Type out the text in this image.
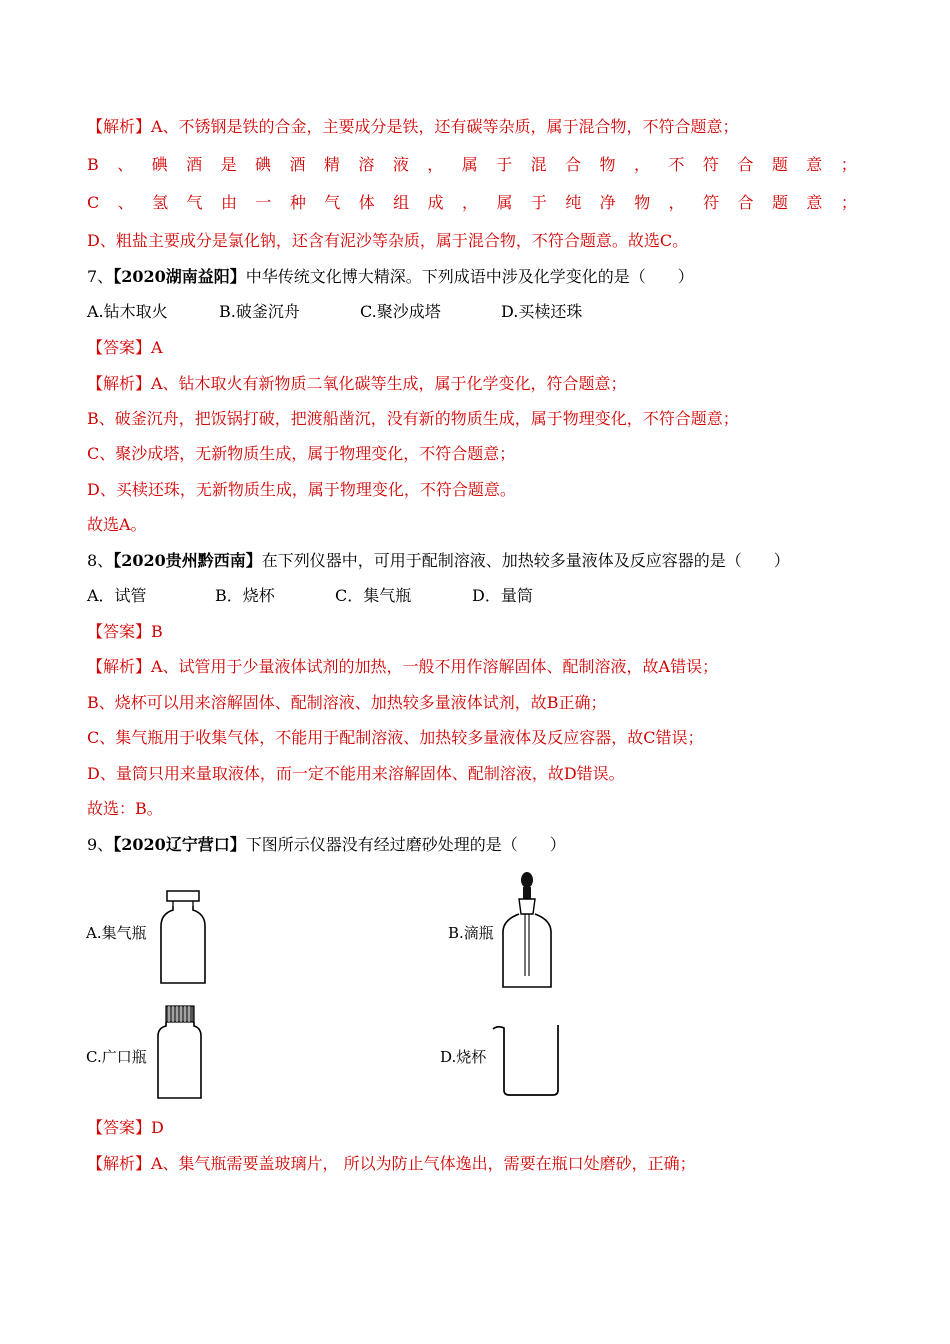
【解析】A、不锈钢是铁的合金，主要成分是铁，还有碳等杂质，属于混合物，不符合题意；
B 、 碘 酒 是 碘 酒 精 溶 液 ， 属 于 混 合 物 ， 不 符 合 题 意 ；
C 、 氢 气 由 一 种 气 体 组 成 ， 属 于 纯 净 物 ， 符 合 题 意 ；
D、粗盐主要成分是氯化钠，还含有泥沙等杂质，属于混合物，不符合题意。故选C。
7、【2020湖南益阳】中华传统文化博大精深。下列成语中涉及化学变化的是（　　）
A.钻木取火	B.破釜沉舟	C.聚沙成塔	D.买椟还珠
【答案】A
【解析】A、钻木取火有新物质二氧化碳等生成，属于化学变化，符合题意；
B、破釜沉舟，把饭锅打破，把渡船凿沉，没有新的物质生成，属于物理变化，不符合题意；
C、聚沙成塔，无新物质生成，属于物理变化，不符合题意；
D、买椟还珠，无新物质生成，属于物理变化，不符合题意。
故选A。
8、【2020贵州黔西南】在下列仪器中，可用于配制溶液、加热较多量液体及反应容器的是（　　）
A．试管	B．烧杯	C．集气瓶	D．量筒
【答案】B
【解析】A、试管用于少量液体试剂的加热，一般不用作溶解固体、配制溶液，故A错误；
B、烧杯可以用来溶解固体、配制溶液、加热较多量液体试剂，故B正确；
C、集气瓶用于收集气体，不能用于配制溶液、加热较多量液体及反应容器，故C错误；
D、量筒只用来量取液体，而一定不能用来溶解固体、配制溶液，故D错误。
故选：B。
9、【2020辽宁营口】下图所示仪器没有经过磨砂处理的是（　　）
A.集气瓶	B.滴瓶
C.广口瓶	D.烧杯
【答案】D
【解析】A、集气瓶需要盖玻璃片， 所以为防止气体逸出，需要在瓶口处磨砂，正确；
